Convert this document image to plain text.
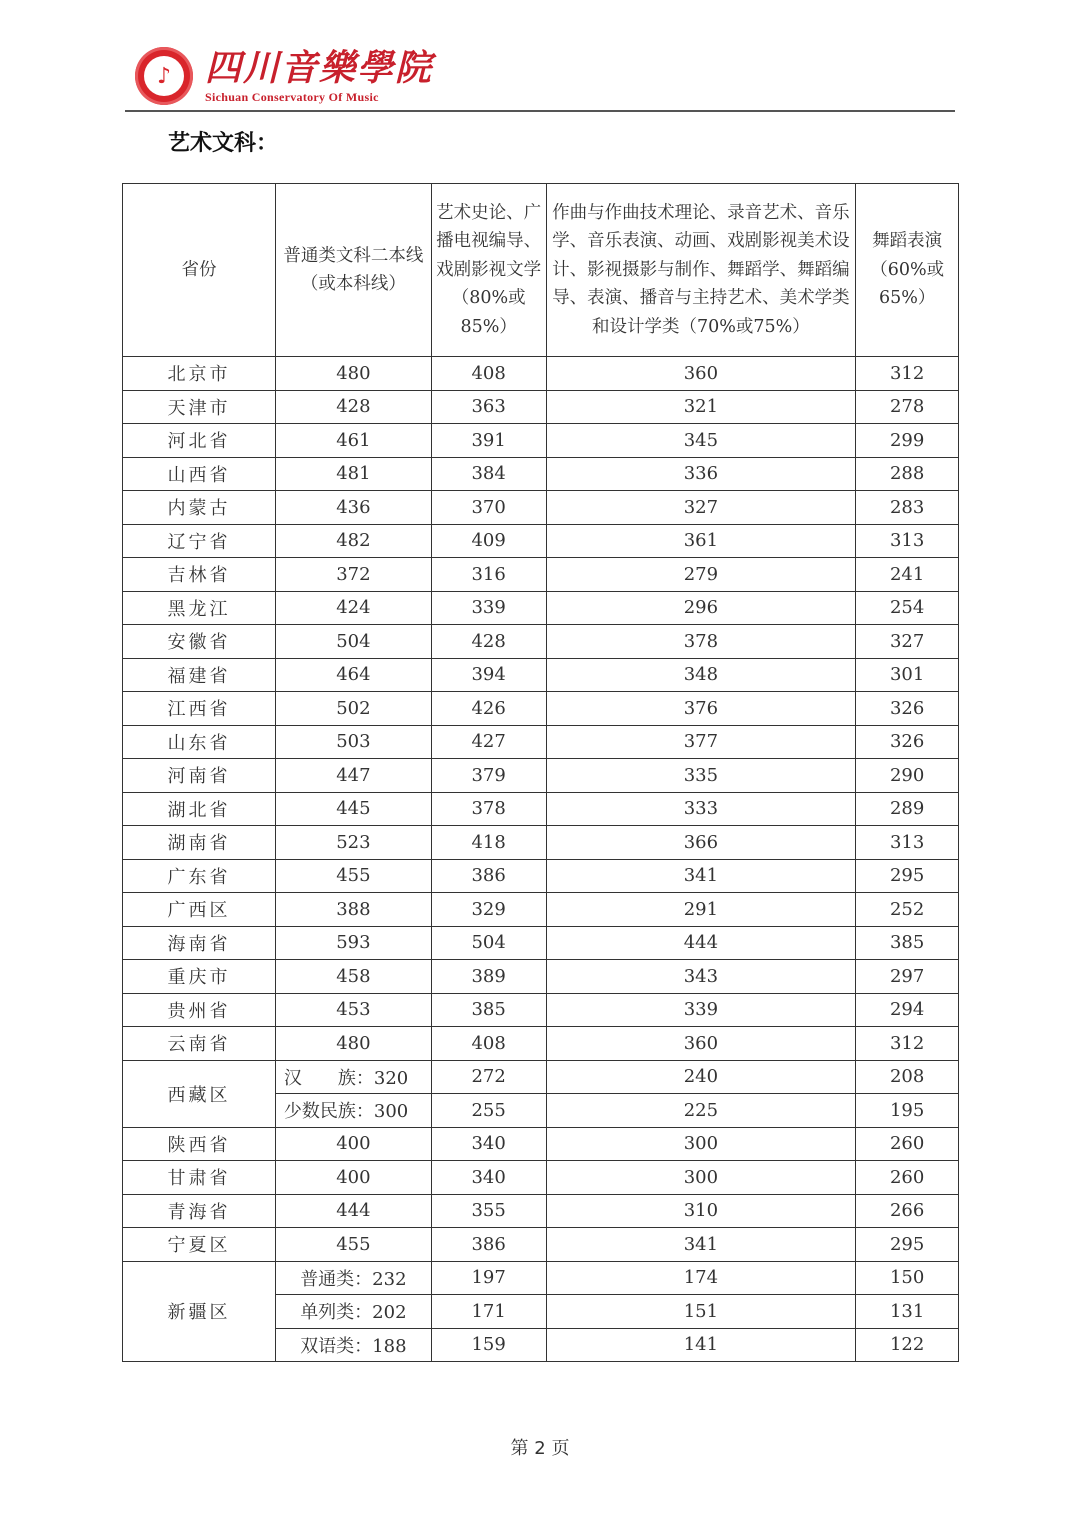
♪ 四川音樂學院
Sichuan Conservatory Of Music
艺术文科：
省份	普通类文科二本线（或本科线）	艺术史论、广播电视编导、戏剧影视文学（80%或85%）	作曲与作曲技术理论、录音艺术、音乐学、音乐表演、动画、戏剧影视美术设计、影视摄影与制作、舞蹈学、舞蹈编导、表演、播音与主持艺术、美术学类和设计学类（70%或75%）	舞蹈表演（60%或65%）
北京市	480	408	360	312
天津市	428	363	321	278
河北省	461	391	345	299
山西省	481	384	336	288
内蒙古	436	370	327	283
辽宁省	482	409	361	313
吉林省	372	316	279	241
黑龙江	424	339	296	254
安徽省	504	428	378	327
福建省	464	394	348	301
江西省	502	426	376	326
山东省	503	427	377	326
河南省	447	379	335	290
湖北省	445	378	333	289
湖南省	523	418	366	313
广东省	455	386	341	295
广西区	388	329	291	252
海南省	593	504	444	385
重庆市	458	389	343	297
贵州省	453	385	339	294
云南省	480	408	360	312
西藏区	汉　　族：320	272	240	208
	少数民族：300	255	225	195
陕西省	400	340	300	260
甘肃省	400	340	300	260
青海省	444	355	310	266
宁夏区	455	386	341	295
新疆区	普通类：232	197	174	150
	单列类：202	171	151	131
	双语类：188	159	141	122
第 2 页
